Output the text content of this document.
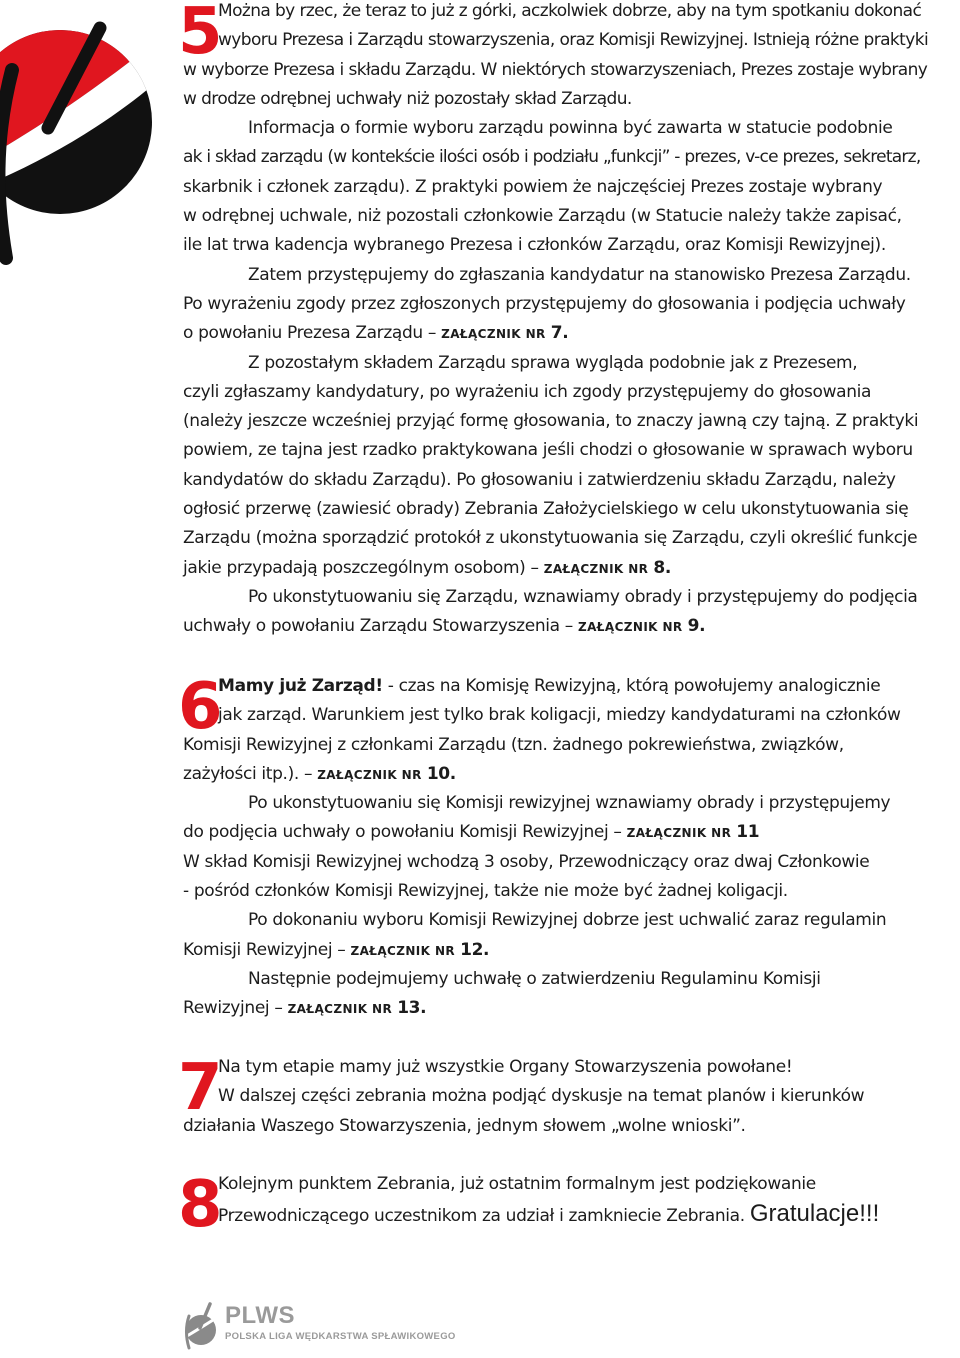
5
Można by rzec, że teraz to już z górki, aczkolwiek dobrze, aby na tym spotkaniu dokonać
wyboru Prezesa i Zarządu stowarzyszenia, oraz Komisji Rewizyjnej. Istnieją różne praktyki
w wyborze Prezesa i składu Zarządu. W niektórych stowarzyszeniach, Prezes zostaje wybrany
w drodze odrębnej uchwały niż pozostały skład Zarządu.
Informacja o formie wyboru zarządu powinna być zawarta w statucie podobnie
ak i skład zarządu (w kontekście ilości osób i podziału „funkcji” - prezes, v-ce prezes, sekretarz,
skarbnik i członek zarządu). Z praktyki powiem że najczęściej Prezes zostaje wybrany
w odrębnej uchwale, niż pozostali członkowie Zarządu (w Statucie należy także zapisać,
ile lat trwa kadencja wybranego Prezesa i członków Zarządu, oraz Komisji Rewizyjnej).
Zatem przystępujemy do zgłaszania kandydatur na stanowisko Prezesa Zarządu.
Po wyrażeniu zgody przez zgłoszonych przystępujemy do głosowania i podjęcia uchwały
o powołaniu Prezesa Zarządu – ZAŁĄCZNIK NR 7.
Z pozostałym składem Zarządu sprawa wygląda podobnie jak z Prezesem,
czyli zgłaszamy kandydatury, po wyrażeniu ich zgody przystępujemy do głosowania
(należy jeszcze wcześniej przyjąć formę głosowania, to znaczy jawną czy tajną. Z praktyki
powiem, ze tajna jest rzadko praktykowana jeśli chodzi o głosowanie w sprawach wyboru
kandydatów do składu Zarządu). Po głosowaniu i zatwierdzeniu składu Zarządu, należy
ogłosić przerwę (zawiesić obrady) Zebrania Założycielskiego w celu ukonstytuowania się
Zarządu (można sporządzić protokół z ukonstytuowania się Zarządu, czyli określić funkcje
jakie przypadają poszczególnym osobom) – ZAŁĄCZNIK NR 8.
Po ukonstytuowaniu się Zarządu, wznawiamy obrady i przystępujemy do podjęcia
uchwały o powołaniu Zarządu Stowarzyszenia – ZAŁĄCZNIK NR 9.
6
Mamy już Zarząd! - czas na Komisję Rewizyjną, którą powołujemy analogicznie
jak zarząd. Warunkiem jest tylko brak koligacji, miedzy kandydaturami na członków
Komisji Rewizyjnej z członkami Zarządu (tzn. żadnego pokrewieństwa, związków,
zażyłości itp.). – ZAŁĄCZNIK NR 10.
Po ukonstytuowaniu się Komisji rewizyjnej wznawiamy obrady i przystępujemy
do podjęcia uchwały o powołaniu Komisji Rewizyjnej – ZAŁĄCZNIK NR 11
W skład Komisji Rewizyjnej wchodzą 3 osoby, Przewodniczący oraz dwaj Członkowie
- pośród członków Komisji Rewizyjnej, także nie może być żadnej koligacji.
Po dokonaniu wyboru Komisji Rewizyjnej dobrze jest uchwalić zaraz regulamin
Komisji Rewizyjnej – ZAŁĄCZNIK NR 12.
Następnie podejmujemy uchwałę o zatwierdzeniu Regulaminu Komisji
Rewizyjnej – ZAŁĄCZNIK NR 13.
7
Na tym etapie mamy już wszystkie Organy Stowarzyszenia powołane!
W dalszej części zebrania można podjąć dyskusje na temat planów i kierunków
działania Waszego Stowarzyszenia, jednym słowem „wolne wnioski”.
8
Kolejnym punktem Zebrania, już ostatnim formalnym jest podziękowanie
Przewodniczącego uczestnikom za udział i zamkniecie Zebrania. Gratulacje!!!
PLWS
POLSKA LIGA WĘDKARSTWA SPŁAWIKOWEGO
